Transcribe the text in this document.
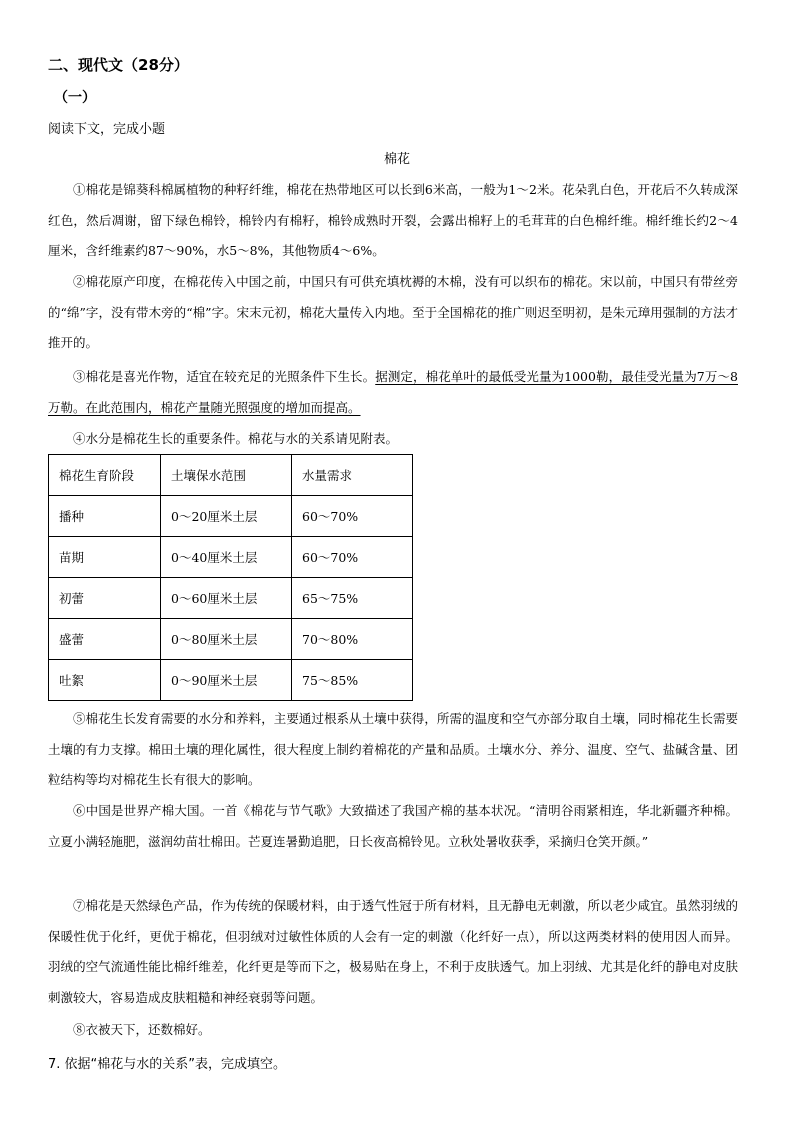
二、现代文（28分）
（一）
阅读下文，完成小题
棉花
①棉花是锦葵科棉属植物的种籽纤维，棉花在热带地区可以长到6米高，一般为1～2米。花朵乳白色，开花后不久转成深红色，然后凋谢，留下绿色棉铃，棉铃内有棉籽，棉铃成熟时开裂，会露出棉籽上的毛茸茸的白色棉纤维。棉纤维长约2～4厘米，含纤维素约87～90%，水5～8%，其他物质4～6%。
②棉花原产印度，在棉花传入中国之前，中国只有可供充填枕褥的木棉，没有可以织布的棉花。宋以前，中国只有带丝旁的“绵”字，没有带木旁的“棉”字。宋末元初，棉花大量传入内地。至于全国棉花的推广则迟至明初，是朱元璋用强制的方法才推开的。
③棉花是喜光作物，适宜在较充足的光照条件下生长。据测定，棉花单叶的最低受光量为1000勒，最佳受光量为7万～8万勒。在此范围内，棉花产量随光照强度的增加而提高。
④水分是棉花生长的重要条件。棉花与水的关系请见附表。
棉花生育阶段	土壤保水范围	水量需求
播种	0～20厘米土层	60～70%
苗期	0～40厘米土层	60～70%
初蕾	0～60厘米土层	65～75%
盛蕾	0～80厘米土层	70～80%
吐絮	0～90厘米土层	75～85%
⑤棉花生长发育需要的水分和养料，主要通过根系从土壤中获得，所需的温度和空气亦部分取自土壤，同时棉花生长需要土壤的有力支撑。棉田土壤的理化属性，很大程度上制约着棉花的产量和品质。土壤水分、养分、温度、空气、盐碱含量、团粒结构等均对棉花生长有很大的影响。
⑥中国是世界产棉大国。一首《棉花与节气歌》大致描述了我国产棉的基本状况。“清明谷雨紧相连，华北新疆齐种棉。立夏小满轻施肥，滋润幼苗壮棉田。芒夏连暑勤追肥，日长夜高棉铃见。立秋处暑收获季，采摘归仓笑开颜。”
⑦棉花是天然绿色产品，作为传统的保暖材料，由于透气性冠于所有材料，且无静电无刺激，所以老少咸宜。虽然羽绒的保暖性优于化纤，更优于棉花，但羽绒对过敏性体质的人会有一定的刺激（化纤好一点），所以这两类材料的使用因人而异。羽绒的空气流通性能比棉纤维差，化纤更是等而下之，极易贴在身上，不利于皮肤透气。加上羽绒、尤其是化纤的静电对皮肤刺激较大，容易造成皮肤粗糙和神经衰弱等问题。
⑧衣被天下，还数棉好。
7. 依据“棉花与水的关系”表，完成填空。
